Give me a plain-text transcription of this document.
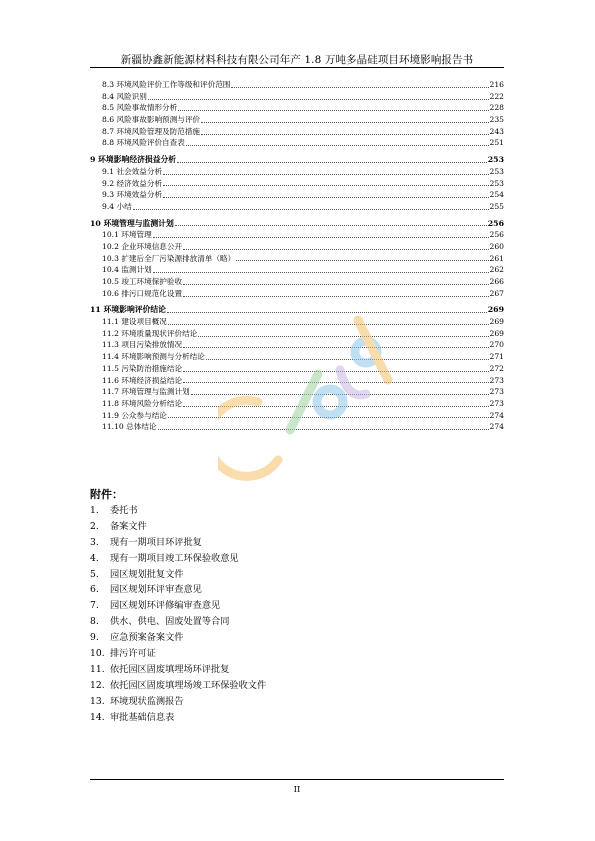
新疆协鑫新能源材料科技有限公司年产 1.8 万吨多晶硅项目环境影响报告书
8.3 环境风险评价工作等级和评价范围	216
8.4 风险识别	222
8.5 风险事故情形分析	228
8.6 风险事故影响预测与评价	235
8.7 环境风险管理及防范措施	243
8.8 环境风险评价自查表	251
9 环境影响经济损益分析	253
9.1 社会效益分析	253
9.2 经济效益分析	253
9.3 环境效益分析	254
9.4 小结	255
10 环境管理与监测计划	256
10.1 环境管理	256
10.2 企业环境信息公开	260
10.3 扩建后全厂污染源排放清单（略）	261
10.4 监测计划	262
10.5 竣工环境保护验收	266
10.6 排污口规范化设置	267
11 环境影响评价结论	269
11.1 建设项目概况	269
11.2 环境质量现状评价结论	269
11.3 项目污染排放情况	270
11.4 环境影响预测与分析结论	271
11.5 污染防治措施结论	272
11.6 环境经济损益结论	273
11.7 环境管理与监测计划	273
11.8 环境风险分析结论	273
11.9 公众参与结论	274
11.10 总体结论	274
附件：
1. 委托书
2. 备案文件
3. 现有一期项目环评批复
4. 现有一期项目竣工环保验收意见
5. 园区规划批复文件
6. 园区规划环评审查意见
7. 园区规划环评修编审查意见
8. 供水、供电、固废处置等合同
9. 应急预案备案文件
10. 排污许可证
11. 依托园区固废填埋场环评批复
12. 依托园区固废填埋场竣工环保验收文件
13. 环境现状监测报告
14. 审批基础信息表
II
